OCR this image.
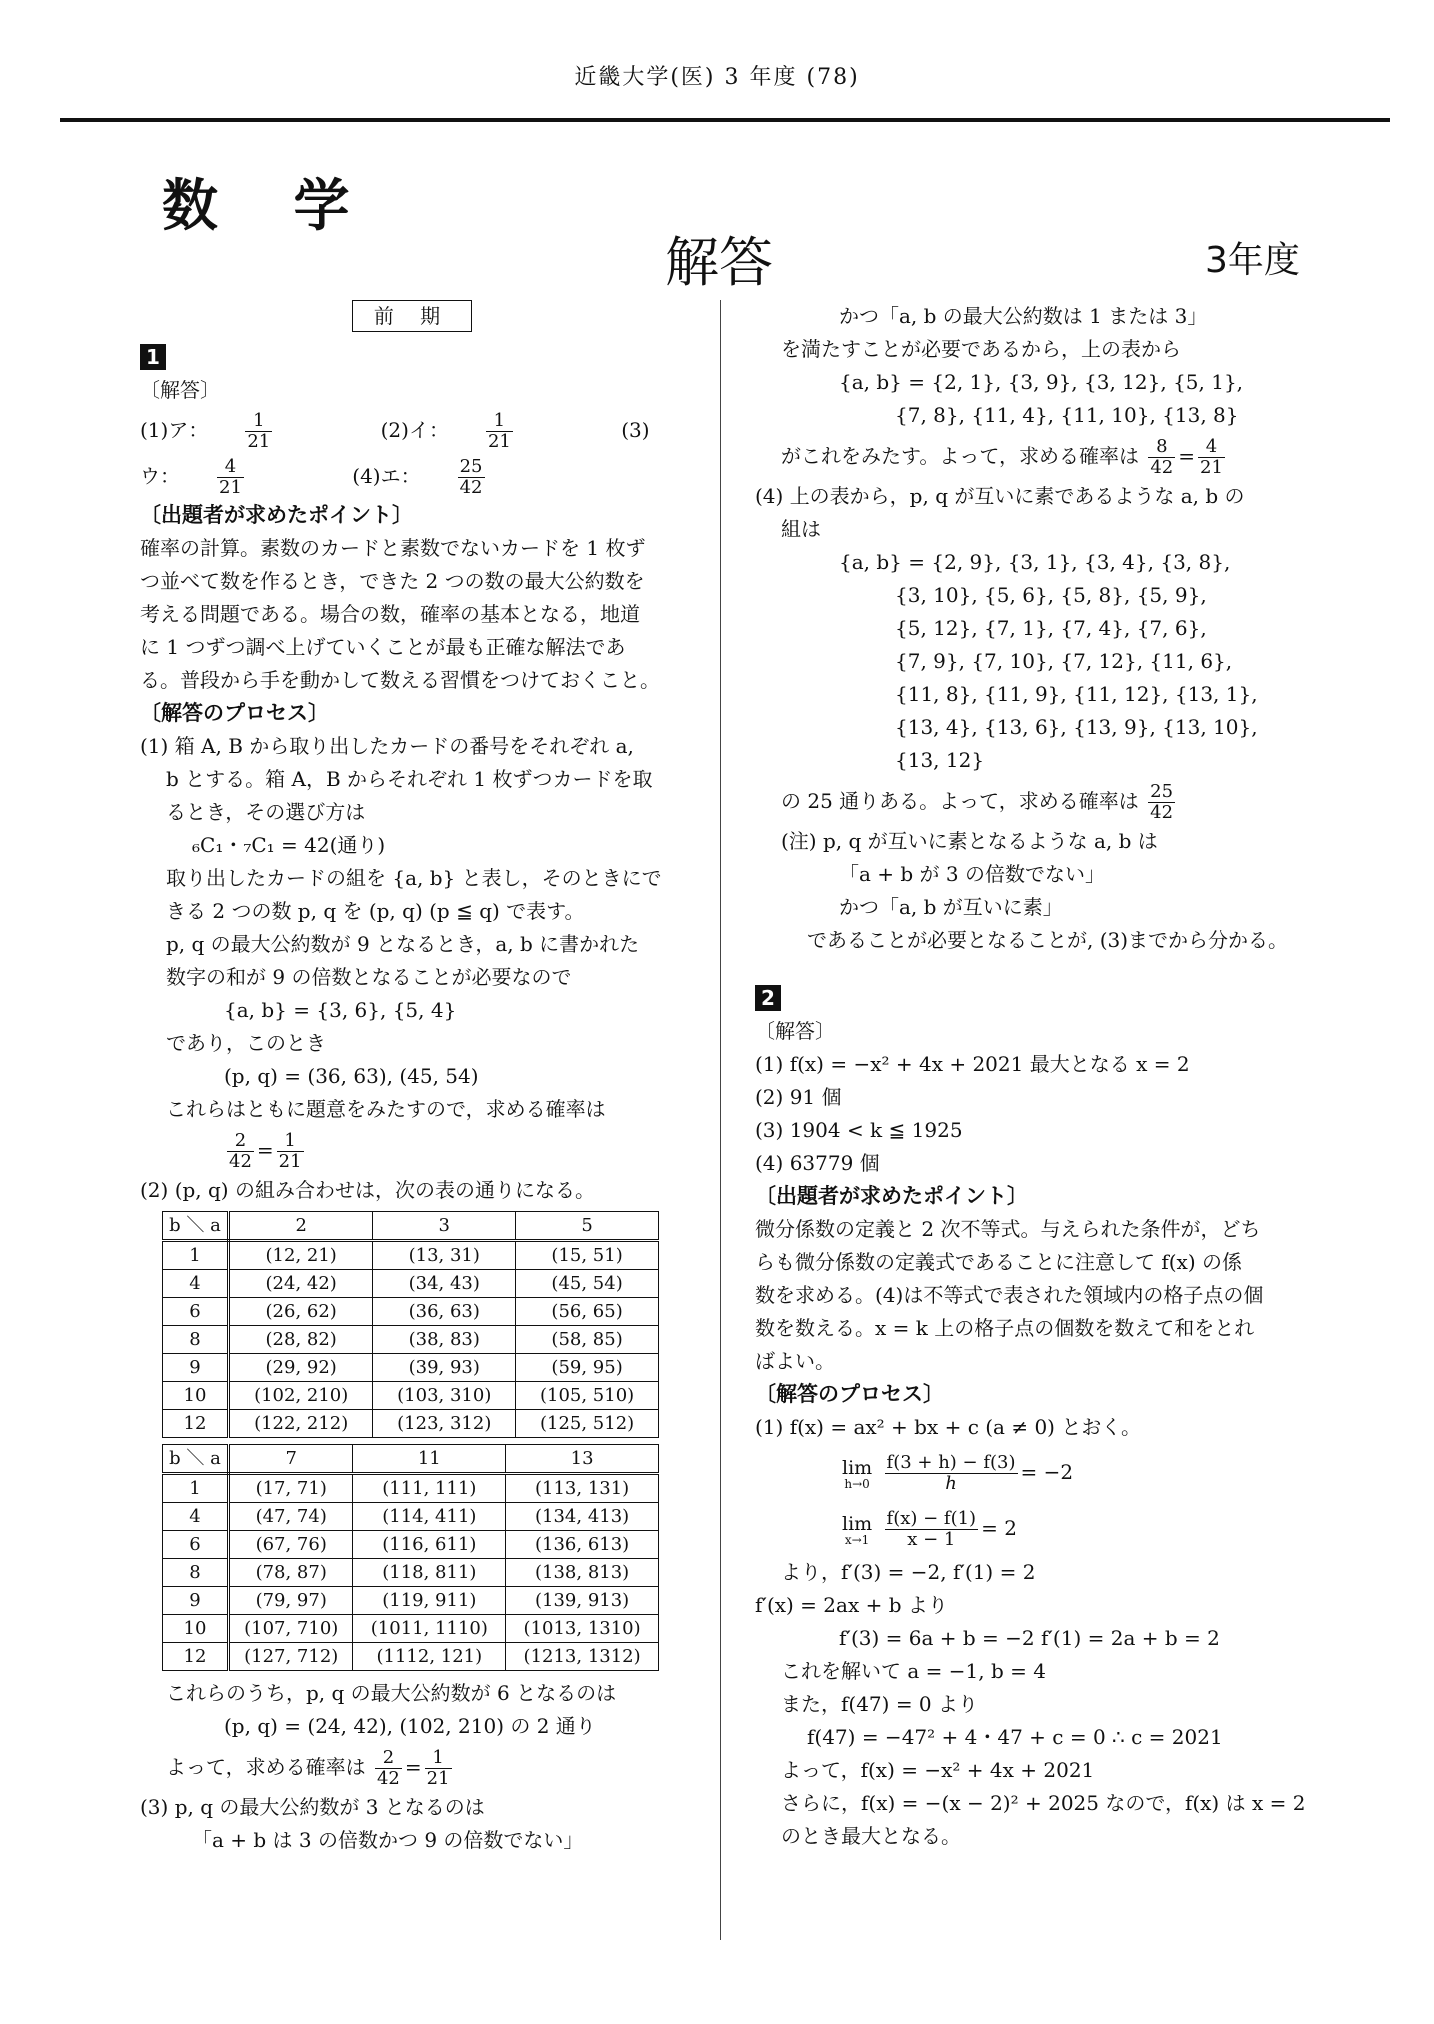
近畿大学(医) 3 年度 (78)
数 学
解答	3年度
前 期
1

〔解答〕

(1)ア： $\frac{1}{21}$	(2)イ： $\frac{1}{21}$	(3)ウ： $\frac{4}{21}$	(4)エ： $\frac{25}{42}$

〔出題者が求めたポイント〕

確率の計算。素数のカードと素数でないカードを 1 枚ず

つ並べて数を作るとき，できた 2 つの数の最大公約数を

考える問題である。場合の数，確率の基本となる，地道

に 1 つずつ調べ上げていくことが最も正確な解法であ

る。普段から手を動かして数える習慣をつけておくこと。

〔解答のプロセス〕

(1) 箱 A, B から取り出したカードの番号をそれぞれ a,

b とする。箱 A，B からそれぞれ 1 枚ずつカードを取

るとき，その選び方は

₆C₁・₇C₁ = 42(通り)

取り出したカードの組を {a, b} と表し，そのときにで

きる 2 つの数 p, q を (p, q) (p ≦ q) で表す。

p, q の最大公約数が 9 となるとき，a, b に書かれた

数字の和が 9 の倍数となることが必要なので

{a, b} = {3, 6}, {5, 4}

であり，このとき

(p, q) = (36, 63), (45, 54)

これらはともに題意をみたすので，求める確率は

$\frac{2}{42} = \frac{1}{21}$

(2) (p, q) の組み合わせは，次の表の通りになる。

b ＼ a	2	3	5
1	(12, 21)	(13, 31)	(15, 51)
4	(24, 42)	(34, 43)	(45, 54)
6	(26, 62)	(36, 63)	(56, 65)
8	(28, 82)	(38, 83)	(58, 85)
9	(29, 92)	(39, 93)	(59, 95)
10	(102, 210)	(103, 310)	(105, 510)
12	(122, 212)	(123, 312)	(125, 512)
b ＼ a	7	11	13
1	(17, 71)	(111, 111)	(113, 131)
4	(47, 74)	(114, 411)	(134, 413)
6	(67, 76)	(116, 611)	(136, 613)
8	(78, 87)	(118, 811)	(138, 813)
9	(79, 97)	(119, 911)	(139, 913)
10	(107, 710)	(1011, 1110)	(1013, 1310)
12	(127, 712)	(1112, 121)	(1213, 1312)

これらのうち，p, q の最大公約数が 6 となるのは

(p, q) = (24, 42), (102, 210) の 2 通り

よって，求める確率は $\frac{2}{42} = \frac{1}{21}$

(3) p, q の最大公約数が 3 となるのは

「a + b は 3 の倍数かつ 9 の倍数でない」

かつ「a, b の最大公約数は 1 または 3」

を満たすことが必要であるから，上の表から

{a, b} = {2, 1}, {3, 9}, {3, 12}, {5, 1},

{7, 8}, {11, 4}, {11, 10}, {13, 8}

がこれをみたす。よって，求める確率は $\frac{8}{42} = \frac{4}{21}$

(4) 上の表から，p, q が互いに素であるような a, b の

組は

{a, b} = {2, 9}, {3, 1}, {3, 4}, {3, 8},

{3, 10}, {5, 6}, {5, 8}, {5, 9},

{5, 12}, {7, 1}, {7, 4}, {7, 6},

{7, 9}, {7, 10}, {7, 12}, {11, 6},

{11, 8}, {11, 9}, {11, 12}, {13, 1},

{13, 4}, {13, 6}, {13, 9}, {13, 10},

{13, 12}

の 25 通りある。よって，求める確率は $\frac{25}{42}$

(注) p, q が互いに素となるような a, b は

「a + b が 3 の倍数でない」

かつ「a, b が互いに素」

であることが必要となることが, (3)までから分かる。

2

〔解答〕

(1) f(x) = −x² + 4x + 2021 最大となる x = 2

(2) 91 個

(3) 1904 < k ≦ 1925

(4) 63779 個

〔出題者が求めたポイント〕

微分係数の定義と 2 次不等式。与えられた条件が，どち

らも微分係数の定義式であることに注意して f(x) の係

数を求める。(4)は不等式で表された領域内の格子点の個

数を数える。x = k 上の格子点の個数を数えて和をとれ

ばよい。

〔解答のプロセス〕

(1) f(x) = ax² + bx + c (a ≠ 0) とおく。

lim
h→0
$\frac{f(3 + h) - f(3)}{h} = -2$

lim
x→1
$\frac{f(x) - f(1)}{x - 1} = 2$

より，f′(3) = −2, f′(1) = 2

f′(x) = 2ax + b より

f′(3) = 6a + b = −2 f′(1) = 2a + b = 2

これを解いて a = −1, b = 4

また，f(47) = 0 より

f(47) = −47² + 4・47 + c = 0 ∴ c = 2021

よって，f(x) = −x² + 4x + 2021

さらに，f(x) = −(x − 2)² + 2025 なので，f(x) は x = 2

のとき最大となる。
